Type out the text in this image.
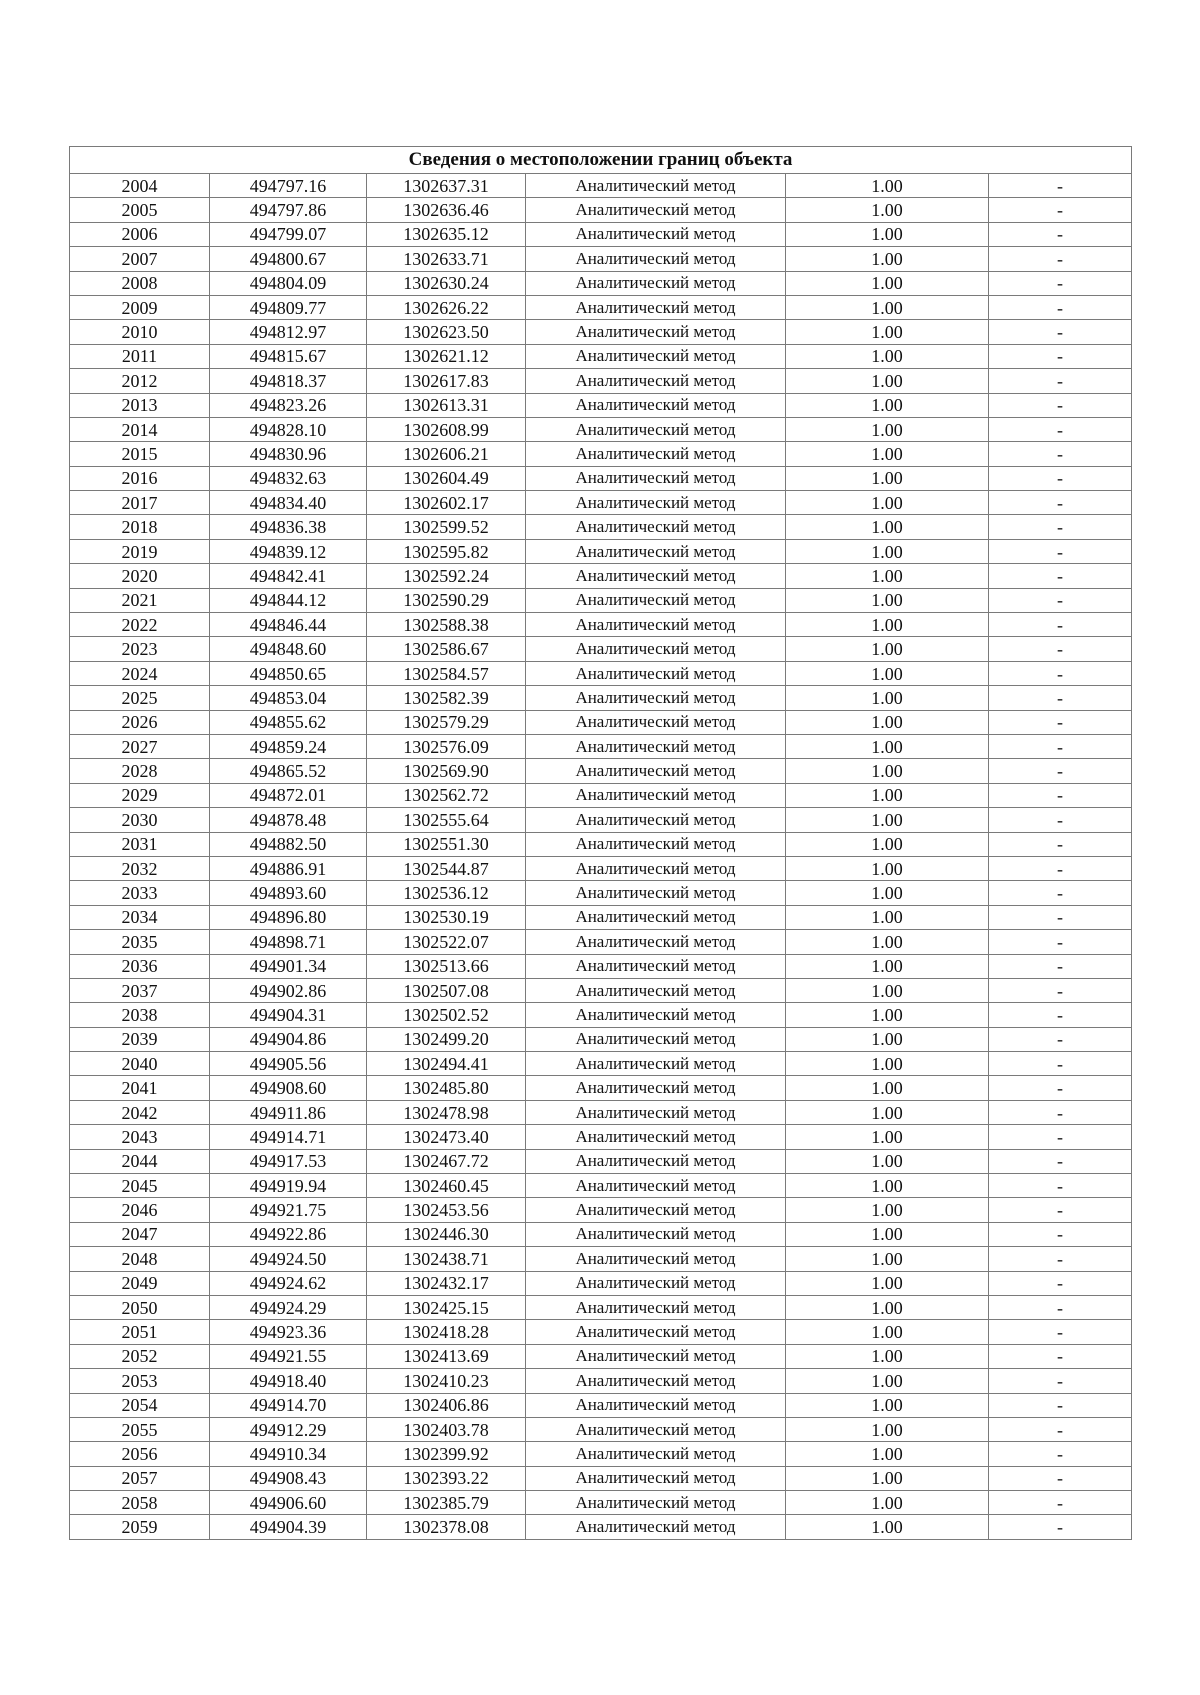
Сведения о местоположении границ объекта					
2004	494797.16	1302637.31	Аналитический метод	1.00	-
2005	494797.86	1302636.46	Аналитический метод	1.00	-
2006	494799.07	1302635.12	Аналитический метод	1.00	-
2007	494800.67	1302633.71	Аналитический метод	1.00	-
2008	494804.09	1302630.24	Аналитический метод	1.00	-
2009	494809.77	1302626.22	Аналитический метод	1.00	-
2010	494812.97	1302623.50	Аналитический метод	1.00	-
2011	494815.67	1302621.12	Аналитический метод	1.00	-
2012	494818.37	1302617.83	Аналитический метод	1.00	-
2013	494823.26	1302613.31	Аналитический метод	1.00	-
2014	494828.10	1302608.99	Аналитический метод	1.00	-
2015	494830.96	1302606.21	Аналитический метод	1.00	-
2016	494832.63	1302604.49	Аналитический метод	1.00	-
2017	494834.40	1302602.17	Аналитический метод	1.00	-
2018	494836.38	1302599.52	Аналитический метод	1.00	-
2019	494839.12	1302595.82	Аналитический метод	1.00	-
2020	494842.41	1302592.24	Аналитический метод	1.00	-
2021	494844.12	1302590.29	Аналитический метод	1.00	-
2022	494846.44	1302588.38	Аналитический метод	1.00	-
2023	494848.60	1302586.67	Аналитический метод	1.00	-
2024	494850.65	1302584.57	Аналитический метод	1.00	-
2025	494853.04	1302582.39	Аналитический метод	1.00	-
2026	494855.62	1302579.29	Аналитический метод	1.00	-
2027	494859.24	1302576.09	Аналитический метод	1.00	-
2028	494865.52	1302569.90	Аналитический метод	1.00	-
2029	494872.01	1302562.72	Аналитический метод	1.00	-
2030	494878.48	1302555.64	Аналитический метод	1.00	-
2031	494882.50	1302551.30	Аналитический метод	1.00	-
2032	494886.91	1302544.87	Аналитический метод	1.00	-
2033	494893.60	1302536.12	Аналитический метод	1.00	-
2034	494896.80	1302530.19	Аналитический метод	1.00	-
2035	494898.71	1302522.07	Аналитический метод	1.00	-
2036	494901.34	1302513.66	Аналитический метод	1.00	-
2037	494902.86	1302507.08	Аналитический метод	1.00	-
2038	494904.31	1302502.52	Аналитический метод	1.00	-
2039	494904.86	1302499.20	Аналитический метод	1.00	-
2040	494905.56	1302494.41	Аналитический метод	1.00	-
2041	494908.60	1302485.80	Аналитический метод	1.00	-
2042	494911.86	1302478.98	Аналитический метод	1.00	-
2043	494914.71	1302473.40	Аналитический метод	1.00	-
2044	494917.53	1302467.72	Аналитический метод	1.00	-
2045	494919.94	1302460.45	Аналитический метод	1.00	-
2046	494921.75	1302453.56	Аналитический метод	1.00	-
2047	494922.86	1302446.30	Аналитический метод	1.00	-
2048	494924.50	1302438.71	Аналитический метод	1.00	-
2049	494924.62	1302432.17	Аналитический метод	1.00	-
2050	494924.29	1302425.15	Аналитический метод	1.00	-
2051	494923.36	1302418.28	Аналитический метод	1.00	-
2052	494921.55	1302413.69	Аналитический метод	1.00	-
2053	494918.40	1302410.23	Аналитический метод	1.00	-
2054	494914.70	1302406.86	Аналитический метод	1.00	-
2055	494912.29	1302403.78	Аналитический метод	1.00	-
2056	494910.34	1302399.92	Аналитический метод	1.00	-
2057	494908.43	1302393.22	Аналитический метод	1.00	-
2058	494906.60	1302385.79	Аналитический метод	1.00	-
2059	494904.39	1302378.08	Аналитический метод	1.00	-
